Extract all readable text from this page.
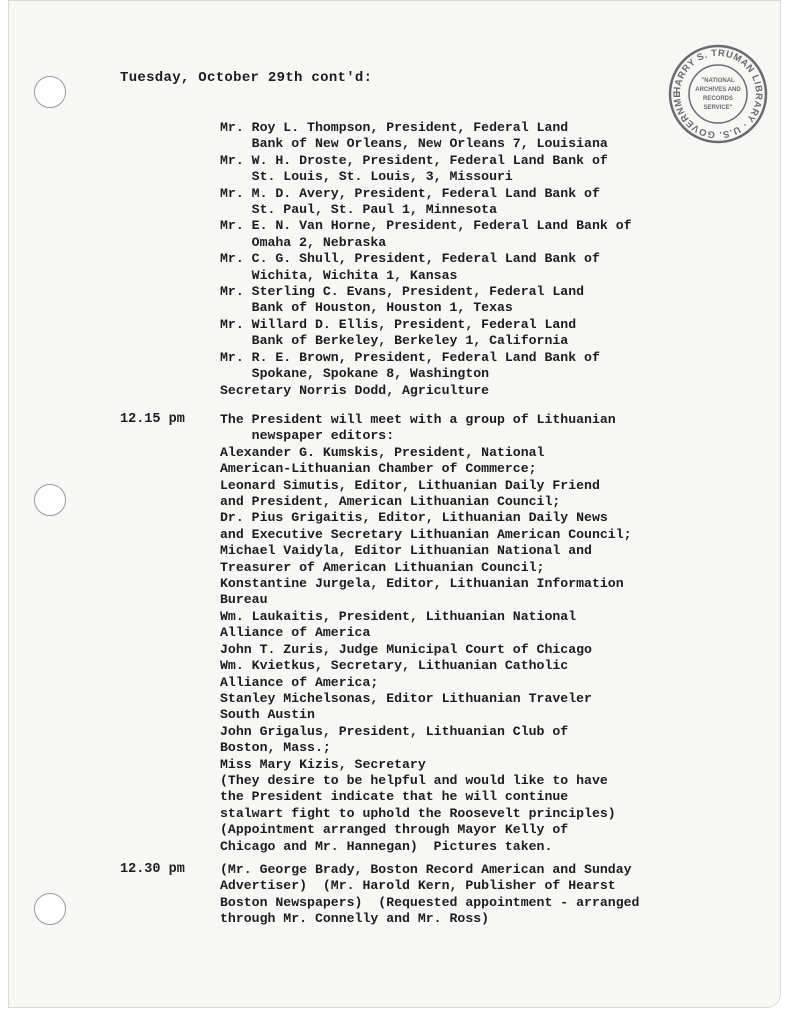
Tuesday, October 29th cont'd:
HARRY S. TRUMAN LIBRARY · U.S. GOVERNME
"NATIONAL
ARCHIVES AND
RECORDS
SERVICE"
Mr. Roy L. Thompson, President, Federal Land
Bank of New Orleans, New Orleans 7, Louisiana
Mr. W. H. Droste, President, Federal Land Bank of
St. Louis, St. Louis, 3, Missouri
Mr. M. D. Avery, President, Federal Land Bank of
St. Paul, St. Paul 1, Minnesota
Mr. E. N. Van Horne, President, Federal Land Bank of
Omaha 2, Nebraska
Mr. C. G. Shull, President, Federal Land Bank of
Wichita, Wichita 1, Kansas
Mr. Sterling C. Evans, President, Federal Land
Bank of Houston, Houston 1, Texas
Mr. Willard D. Ellis, President, Federal Land
Bank of Berkeley, Berkeley 1, California
Mr. R. E. Brown, President, Federal Land Bank of
Spokane, Spokane 8, Washington
Secretary Norris Dodd, Agriculture
12.15 pm	The President will meet with a group of Lithuanian
newspaper editors:
Alexander G. Kumskis, President, National
American-Lithuanian Chamber of Commerce;
Leonard Simutis, Editor, Lithuanian Daily Friend
and President, American Lithuanian Council;
Dr. Pius Grigaitis, Editor, Lithuanian Daily News
and Executive Secretary Lithuanian American Council;
Michael Vaidyla, Editor Lithuanian National and
Treasurer of American Lithuanian Council;
Konstantine Jurgela, Editor, Lithuanian Information
Bureau
Wm. Laukaitis, President, Lithuanian National
Alliance of America
John T. Zuris, Judge Municipal Court of Chicago
Wm. Kvietkus, Secretary, Lithuanian Catholic
Alliance of America;
Stanley Michelsonas, Editor Lithuanian Traveler
South Austin
John Grigalus, President, Lithuanian Club of
Boston, Mass.;
Miss Mary Kizis, Secretary
(They desire to be helpful and would like to have
the President indicate that he will continue
stalwart fight to uphold the Roosevelt principles)
(Appointment arranged through Mayor Kelly of
Chicago and Mr. Hannegan)  Pictures taken.
12.30 pm	(Mr. George Brady, Boston Record American and Sunday
Advertiser)  (Mr. Harold Kern, Publisher of Hearst
Boston Newspapers)  (Requested appointment - arranged
through Mr. Connelly and Mr. Ross)
